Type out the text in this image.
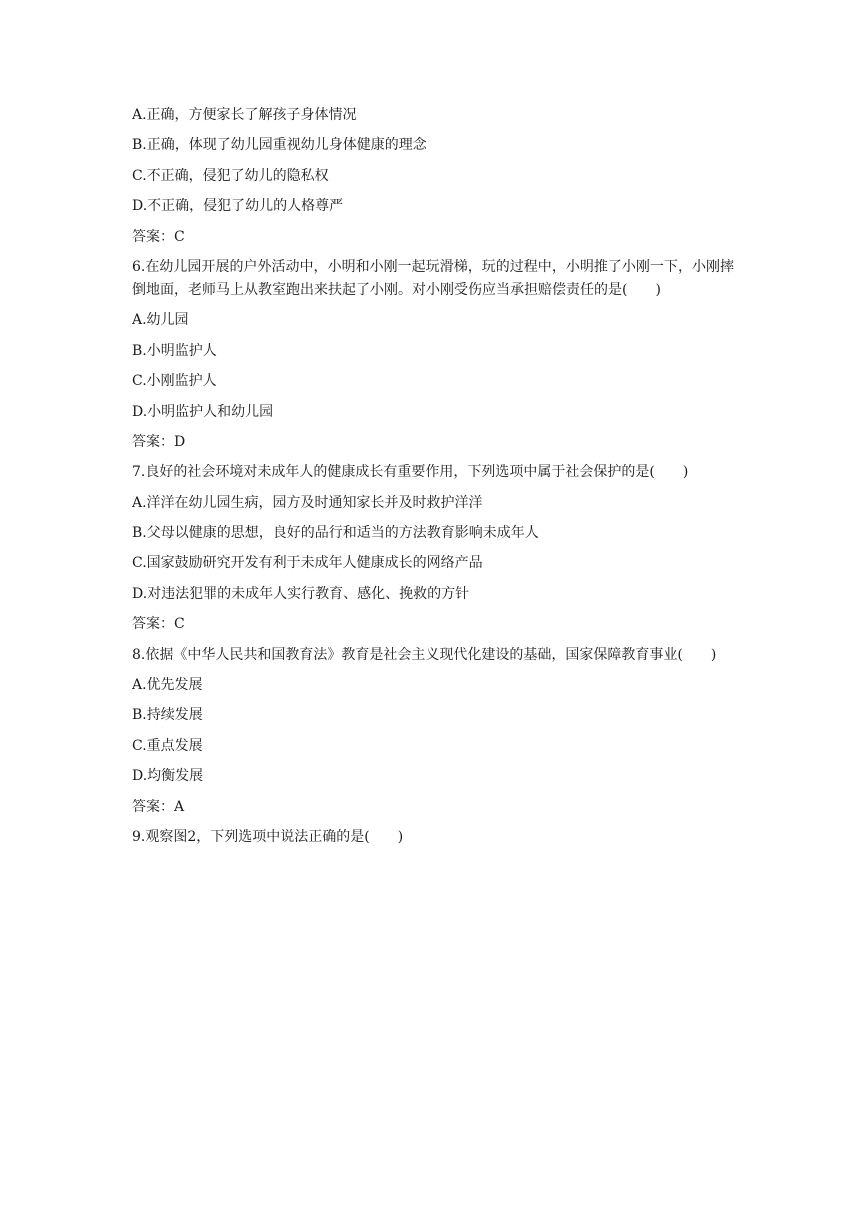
A.正确，方便家长了解孩子身体情况
B.正确，体现了幼儿园重视幼儿身体健康的理念
C.不正确，侵犯了幼儿的隐私权
D.不正确，侵犯了幼儿的人格尊严
答案：C
6.在幼儿园开展的户外活动中，小明和小刚一起玩滑梯，玩的过程中，小明推了小刚一下，小刚摔倒地面，老师马上从教室跑出来扶起了小刚。对小刚受伤应当承担赔偿责任的是(　　)
A.幼儿园
B.小明监护人
C.小刚监护人
D.小明监护人和幼儿园
答案：D
7.良好的社会环境对未成年人的健康成长有重要作用，下列选项中属于社会保护的是(　　)
A.洋洋在幼儿园生病，园方及时通知家长并及时救护洋洋
B.父母以健康的思想，良好的品行和适当的方法教育影响未成年人
C.国家鼓励研究开发有利于未成年人健康成长的网络产品
D.对违法犯罪的未成年人实行教育、感化、挽救的方针
答案：C
8.依据《中华人民共和国教育法》教育是社会主义现代化建设的基础，国家保障教育事业(　　)
A.优先发展
B.持续发展
C.重点发展
D.均衡发展
答案：A
9.观察图2，下列选项中说法正确的是(　　)
